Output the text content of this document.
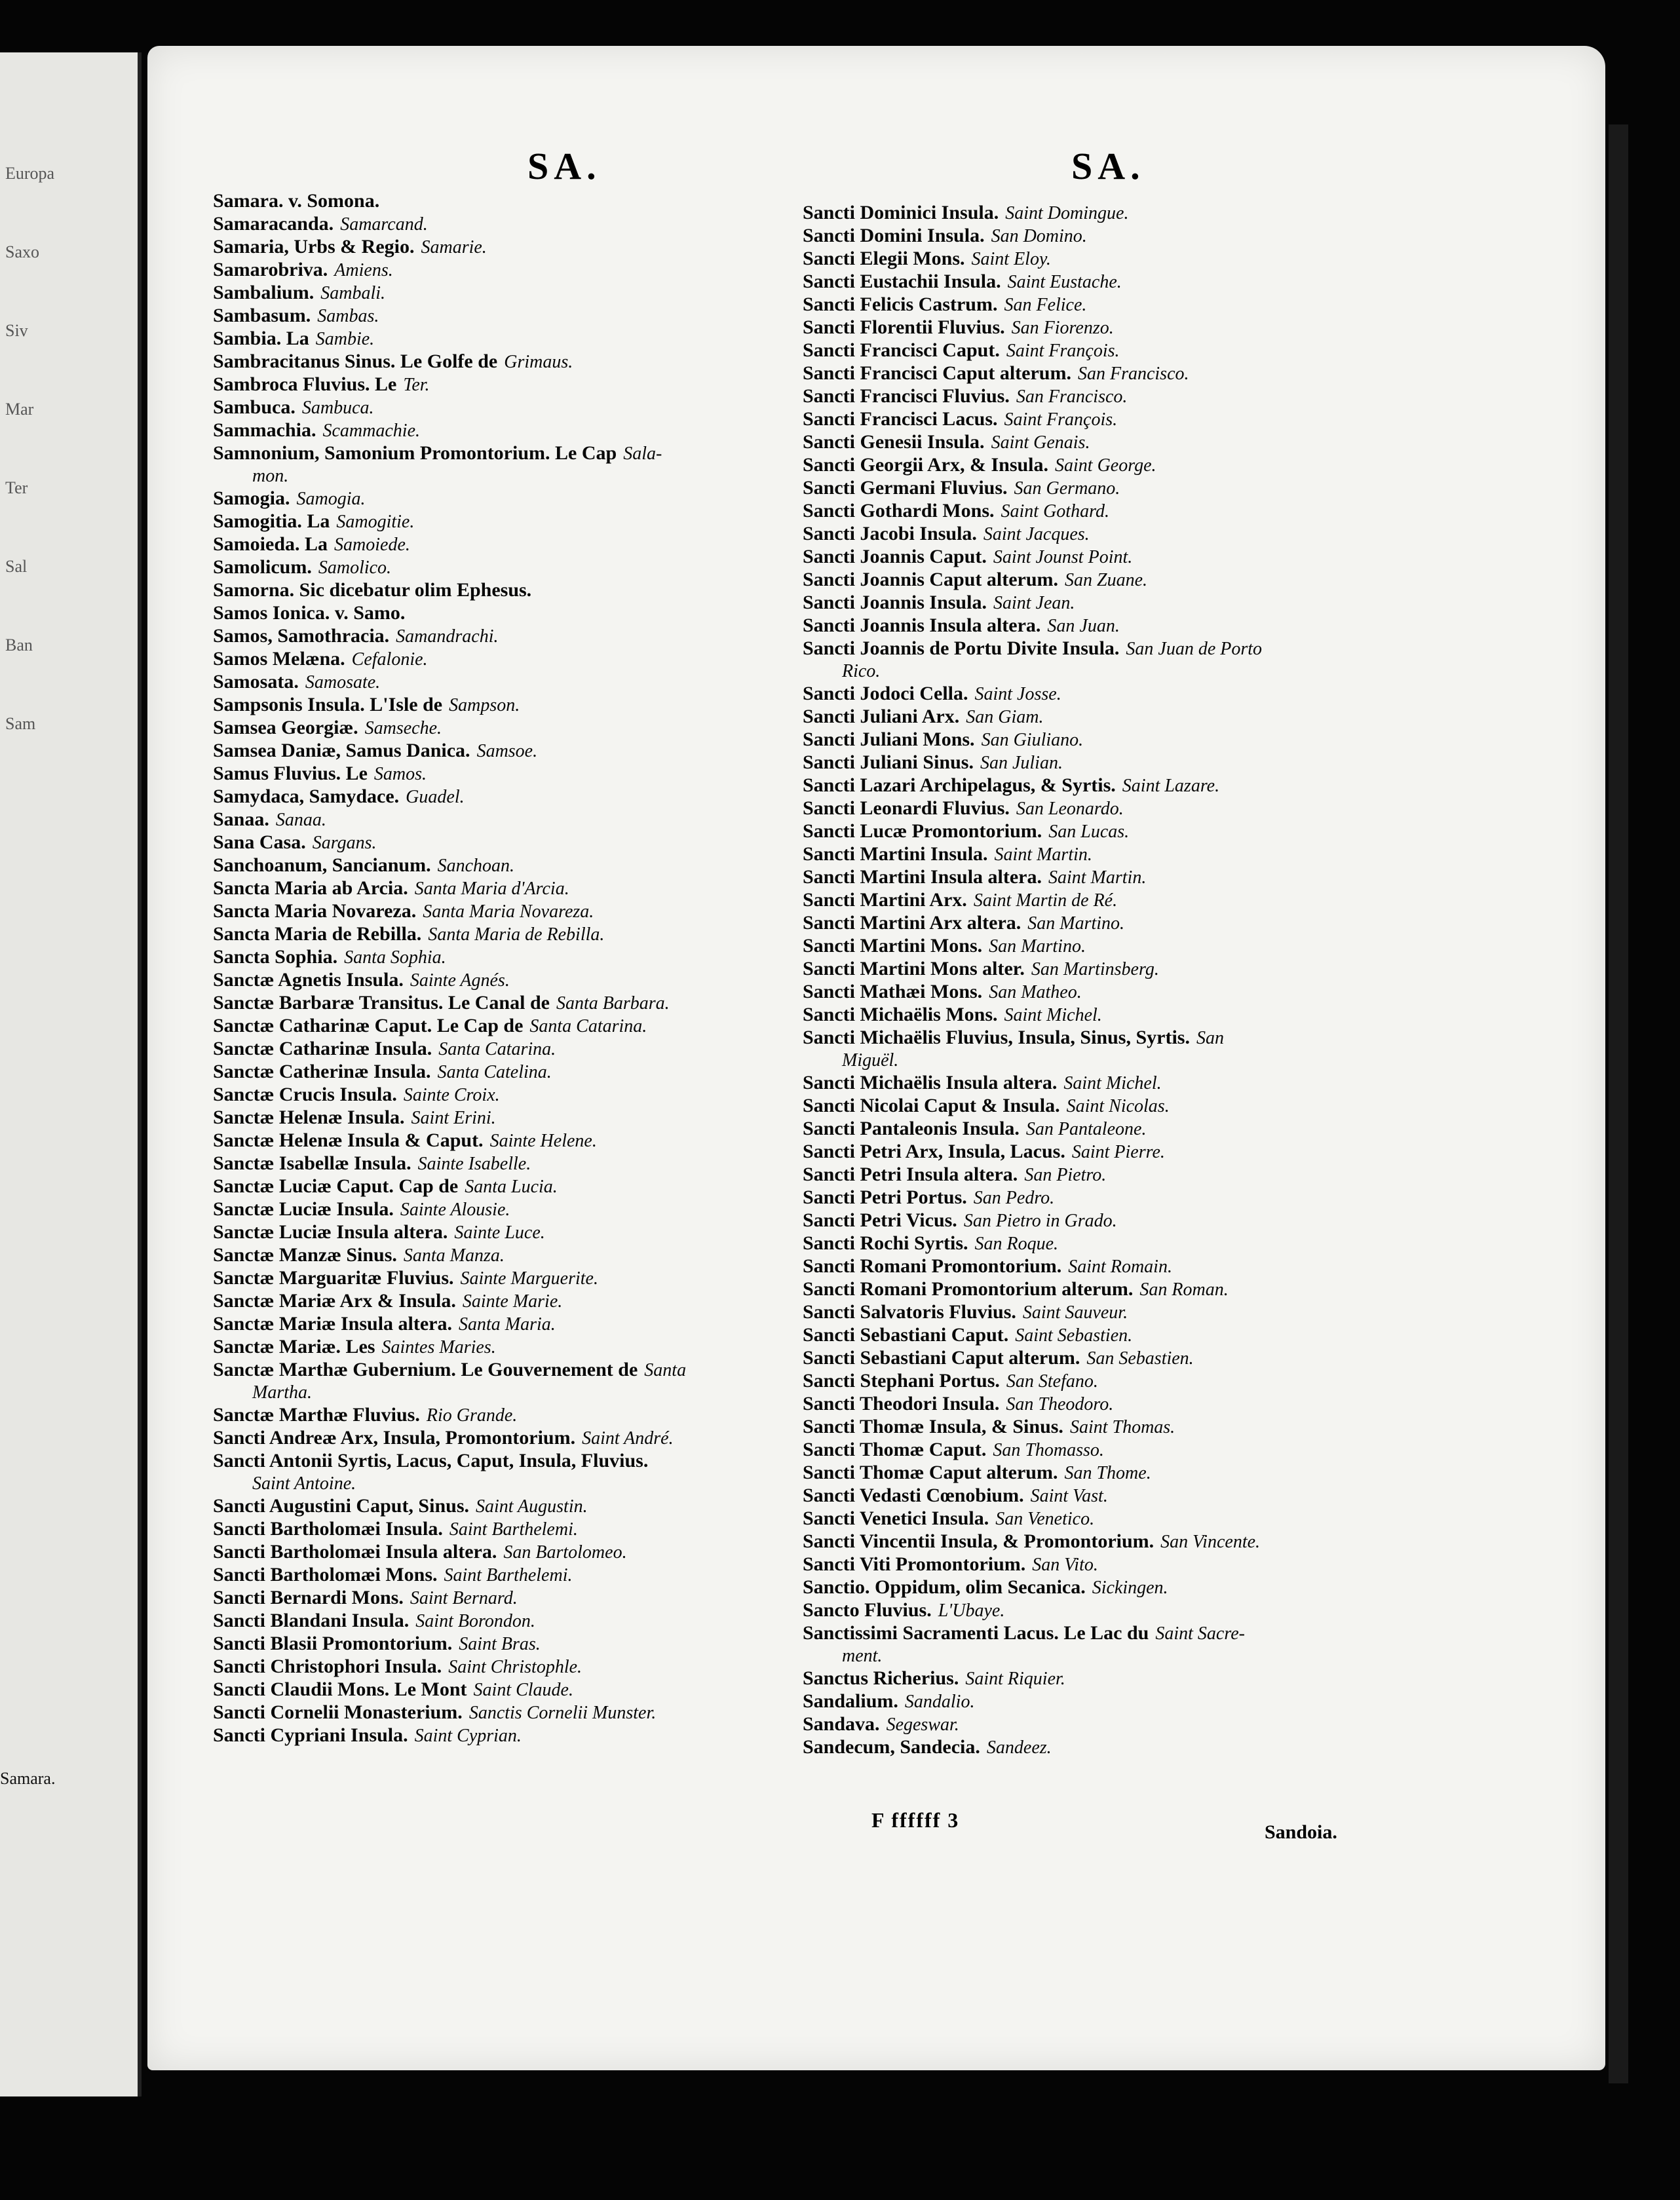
Europa
Saxo
Siv
Mar
Ter
Sal
Ban
Sam
Samara.
SA.	SA.
Samara. v. Somona.
Samaracanda. Samarcand.
Samaria, Urbs & Regio. Samarie.
Samarobriva. Amiens.
Sambalium. Sambali.
Sambasum. Sambas.
Sambia. La Sambie.
Sambracitanus Sinus. Le Golfe de Grimaus.
Sambroca Fluvius. Le Ter.
Sambuca. Sambuca.
Sammachia. Scammachie.
Samnonium, Samonium Promontorium. Le Cap Sala-
mon.
Samogia. Samogia.
Samogitia. La Samogitie.
Samoieda. La Samoiede.
Samolicum. Samolico.
Samorna. Sic dicebatur olim Ephesus.
Samos Ionica. v. Samo.
Samos, Samothracia. Samandrachi.
Samos Melæna. Cefalonie.
Samosata. Samosate.
Sampsonis Insula. L'Isle de Sampson.
Samsea Georgiæ. Samseche.
Samsea Daniæ, Samus Danica. Samsoe.
Samus Fluvius. Le Samos.
Samydaca, Samydace. Guadel.
Sanaa. Sanaa.
Sana Casa. Sargans.
Sanchoanum, Sancianum. Sanchoan.
Sancta Maria ab Arcia. Santa Maria d'Arcia.
Sancta Maria Novareza. Santa Maria Novareza.
Sancta Maria de Rebilla. Santa Maria de Rebilla.
Sancta Sophia. Santa Sophia.
Sanctæ Agnetis Insula. Sainte Agnés.
Sanctæ Barbaræ Transitus. Le Canal de Santa Barbara.
Sanctæ Catharinæ Caput. Le Cap de Santa Catarina.
Sanctæ Catharinæ Insula. Santa Catarina.
Sanctæ Catherinæ Insula. Santa Catelina.
Sanctæ Crucis Insula. Sainte Croix.
Sanctæ Helenæ Insula. Saint Erini.
Sanctæ Helenæ Insula & Caput. Sainte Helene.
Sanctæ Isabellæ Insula. Sainte Isabelle.
Sanctæ Luciæ Caput. Cap de Santa Lucia.
Sanctæ Luciæ Insula. Sainte Alousie.
Sanctæ Luciæ Insula altera. Sainte Luce.
Sanctæ Manzæ Sinus. Santa Manza.
Sanctæ Marguaritæ Fluvius. Sainte Marguerite.
Sanctæ Mariæ Arx & Insula. Sainte Marie.
Sanctæ Mariæ Insula altera. Santa Maria.
Sanctæ Mariæ. Les Saintes Maries.
Sanctæ Marthæ Gubernium. Le Gouvernement de Santa
Martha.
Sanctæ Marthæ Fluvius. Rio Grande.
Sancti Andreæ Arx, Insula, Promontorium. Saint André.
Sancti Antonii Syrtis, Lacus, Caput, Insula, Fluvius.
Saint Antoine.
Sancti Augustini Caput, Sinus. Saint Augustin.
Sancti Bartholomæi Insula. Saint Barthelemi.
Sancti Bartholomæi Insula altera. San Bartolomeo.
Sancti Bartholomæi Mons. Saint Barthelemi.
Sancti Bernardi Mons. Saint Bernard.
Sancti Blandani Insula. Saint Borondon.
Sancti Blasii Promontorium. Saint Bras.
Sancti Christophori Insula. Saint Christophle.
Sancti Claudii Mons. Le Mont Saint Claude.
Sancti Cornelii Monasterium. Sanctis Cornelii Munster.
Sancti Cypriani Insula. Saint Cyprian.
Sancti Dominici Insula. Saint Domingue.
Sancti Domini Insula. San Domino.
Sancti Elegii Mons. Saint Eloy.
Sancti Eustachii Insula. Saint Eustache.
Sancti Felicis Castrum. San Felice.
Sancti Florentii Fluvius. San Fiorenzo.
Sancti Francisci Caput. Saint François.
Sancti Francisci Caput alterum. San Francisco.
Sancti Francisci Fluvius. San Francisco.
Sancti Francisci Lacus. Saint François.
Sancti Genesii Insula. Saint Genais.
Sancti Georgii Arx, & Insula. Saint George.
Sancti Germani Fluvius. San Germano.
Sancti Gothardi Mons. Saint Gothard.
Sancti Jacobi Insula. Saint Jacques.
Sancti Joannis Caput. Saint Jounst Point.
Sancti Joannis Caput alterum. San Zuane.
Sancti Joannis Insula. Saint Jean.
Sancti Joannis Insula altera. San Juan.
Sancti Joannis de Portu Divite Insula. San Juan de Porto
Rico.
Sancti Jodoci Cella. Saint Josse.
Sancti Juliani Arx. San Giam.
Sancti Juliani Mons. San Giuliano.
Sancti Juliani Sinus. San Julian.
Sancti Lazari Archipelagus, & Syrtis. Saint Lazare.
Sancti Leonardi Fluvius. San Leonardo.
Sancti Lucæ Promontorium. San Lucas.
Sancti Martini Insula. Saint Martin.
Sancti Martini Insula altera. Saint Martin.
Sancti Martini Arx. Saint Martin de Ré.
Sancti Martini Arx altera. San Martino.
Sancti Martini Mons. San Martino.
Sancti Martini Mons alter. San Martinsberg.
Sancti Mathæi Mons. San Matheo.
Sancti Michaëlis Mons. Saint Michel.
Sancti Michaëlis Fluvius, Insula, Sinus, Syrtis. San
Miguël.
Sancti Michaëlis Insula altera. Saint Michel.
Sancti Nicolai Caput & Insula. Saint Nicolas.
Sancti Pantaleonis Insula. San Pantaleone.
Sancti Petri Arx, Insula, Lacus. Saint Pierre.
Sancti Petri Insula altera. San Pietro.
Sancti Petri Portus. San Pedro.
Sancti Petri Vicus. San Pietro in Grado.
Sancti Rochi Syrtis. San Roque.
Sancti Romani Promontorium. Saint Romain.
Sancti Romani Promontorium alterum. San Roman.
Sancti Salvatoris Fluvius. Saint Sauveur.
Sancti Sebastiani Caput. Saint Sebastien.
Sancti Sebastiani Caput alterum. San Sebastien.
Sancti Stephani Portus. San Stefano.
Sancti Theodori Insula. San Theodoro.
Sancti Thomæ Insula, & Sinus. Saint Thomas.
Sancti Thomæ Caput. San Thomasso.
Sancti Thomæ Caput alterum. San Thome.
Sancti Vedasti Cœnobium. Saint Vast.
Sancti Venetici Insula. San Venetico.
Sancti Vincentii Insula, & Promontorium. San Vincente.
Sancti Viti Promontorium. San Vito.
Sanctio. Oppidum, olim Secanica. Sickingen.
Sancto Fluvius. L'Ubaye.
Sanctissimi Sacramenti Lacus. Le Lac du Saint Sacre-
ment.
Sanctus Richerius. Saint Riquier.
Sandalium. Sandalio.
Sandava. Segeswar.
Sandecum, Sandecia. Sandeez.
F ffffff 3
Sandoia.
